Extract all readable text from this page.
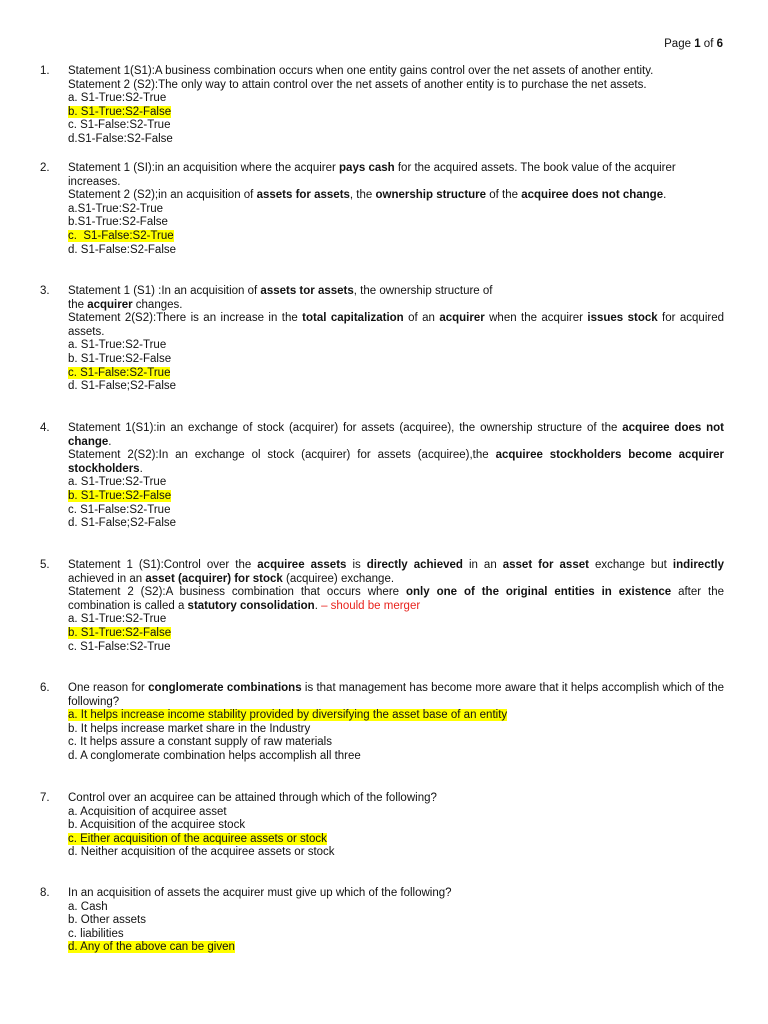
Page 1 of 6
1.	Statement 1(S1):A business combination occurs when one entity gains control over the net assets of another entity.

Statement 2 (S2):The only way to attain control over the net assets of another entity is to purchase the net assets.

a. S1-True:S2-True

b. S1-True:S2-False

c. S1-False:S2-True

d.S1-False:S2-False

2.	Statement 1 (SI):in an acquisition where the acquirer pays cash for the acquired assets. The book value of the acquirer increases.

Statement 2 (S2);in an acquisition of assets for assets, the ownership structure of the acquiree does not change.

a.S1-True:S2-True

b.S1-True:S2-False

c.  S1-False:S2-True

d. S1-False:S2-False

3.	Statement 1 (S1) :In an acquisition of assets tor assets, the ownership structure of

the acquirer changes.

Statement 2(S2):There is an increase in the total capitalization of an acquirer when the acquirer issues stock for acquired assets.

a. S1-True:S2-True

b. S1-True:S2-False

c. S1-False:S2-True

d. S1-False;S2-False

4.	Statement 1(S1):in an exchange of stock (acquirer) for assets (acquiree), the ownership structure of the acquiree does not change.

Statement 2(S2):In an exchange ol stock (acquirer) for assets (acquiree),the acquiree stockholders become acquirer stockholders.

a. S1-True:S2-True

b. S1-True:S2-False

c. S1-False:S2-True

d. S1-False;S2-False

5.	Statement 1 (S1):Control over the acquiree assets is directly achieved in an asset for asset exchange but indirectly achieved in an asset (acquirer) for stock (acquiree) exchange.

Statement 2 (S2):A business combination that occurs where only one of the original entities in existence after the combination is called a statutory consolidation. – should be merger

a. S1-True:S2-True

b. S1-True:S2-False

c. S1-False:S2-True

6.	One reason for conglomerate combinations is that management has become more aware that it helps accomplish which of the following?

a. It helps increase income stability provided by diversifying the asset base of an entity

b. It helps increase market share in the Industry

c. It helps assure a constant supply of raw materials

d. A conglomerate combination helps accomplish all three

7.	Control over an acquiree can be attained through which of the following?

a. Acquisition of acquiree asset

b. Acquisition of the acquiree stock

c. Either acquisition of the acquiree assets or stock

d. Neither acquisition of the acquiree assets or stock

8.	In an acquisition of assets the acquirer must give up which of the following?

a. Cash

b. Other assets

c. liabilities

d. Any of the above can be given
